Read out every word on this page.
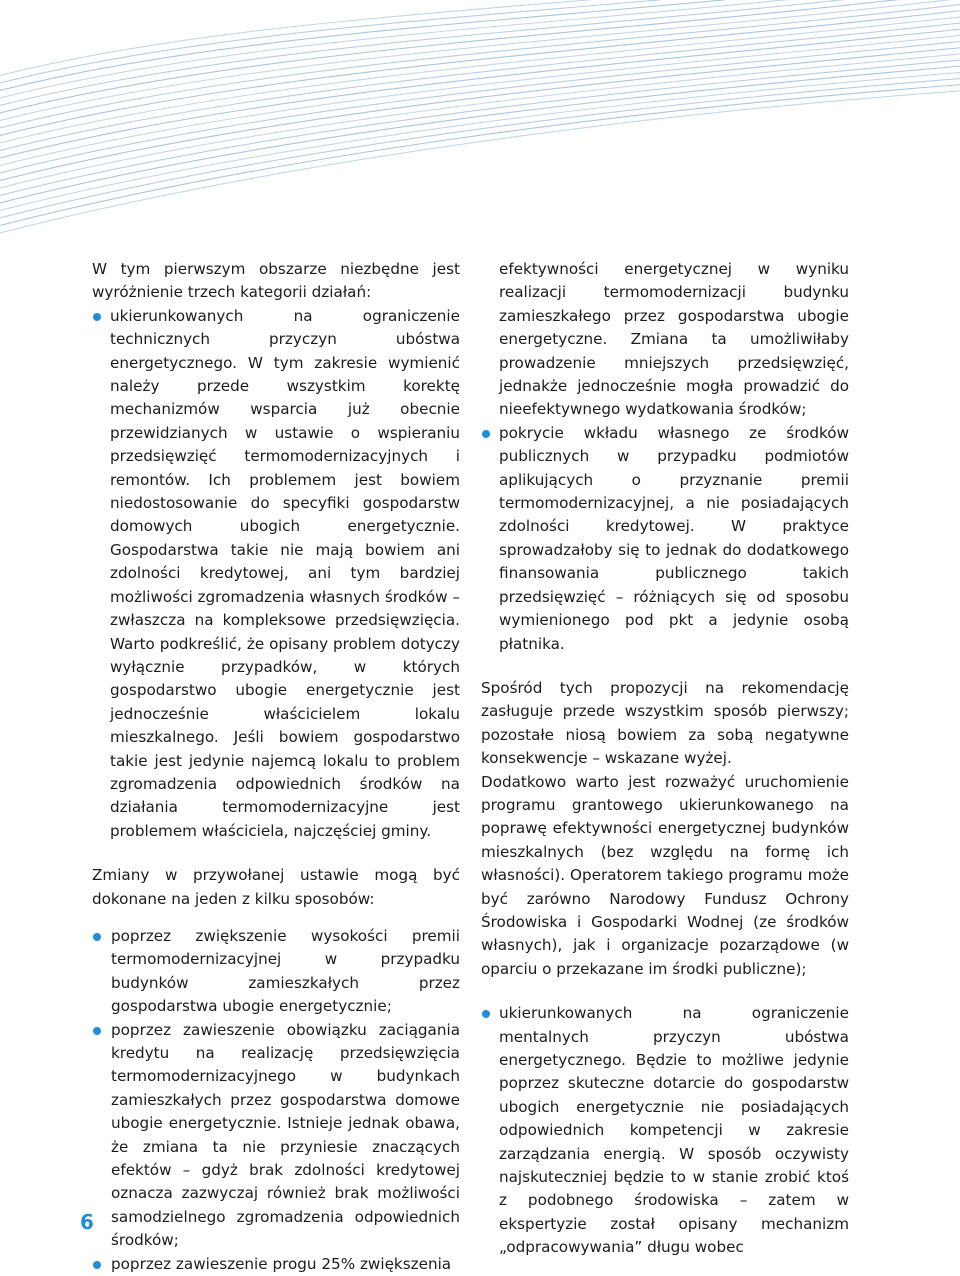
W tym pierwszym obszarze niezbędne jest wyróżnienie trzech kategorii działań:

ukierunkowanych na ograniczenie technicznych przyczyn ubóstwa energetycznego. W tym zakresie wymienić należy przede wszystkim korektę mechanizmów wsparcia już obecnie przewidzianych w ustawie o wspieraniu przedsięwzięć termomodernizacyjnych i remontów. Ich problemem jest bowiem niedostosowanie do specyfiki gospodarstw domowych ubogich energetycznie. Gospodarstwa takie nie mają bowiem ani zdolności kredytowej, ani tym bardziej możliwości zgromadzenia własnych środków – zwłaszcza na kompleksowe przedsięwzięcia. Warto podkreślić, że opisany problem dotyczy wyłącznie przypadków, w których gospodarstwo ubogie energetycznie jest jednocześnie właścicielem lokalu mieszkalnego. Jeśli bowiem gospodarstwo takie jest jedynie najemcą lokalu to problem zgromadzenia odpowiednich środków na działania termomodernizacyjne jest problemem właściciela, najczęściej gminy.

Zmiany w przywołanej ustawie mogą być dokonane na jeden z kilku sposobów:

poprzez zwiększenie wysokości premii termomodernizacyjnej w przypadku budynków zamieszkałych przez gospodarstwa ubogie energetycznie;
poprzez zawieszenie obowiązku zaciągania kredytu na realizację przedsięwzięcia termomodernizacyjnego w budynkach zamieszkałych przez gospodarstwa domowe ubogie energetycznie. Istnieje jednak obawa, że zmiana ta nie przyniesie znaczących efektów – gdyż brak zdolności kredytowej oznacza zazwyczaj również brak możliwości samodzielnego zgromadzenia odpowiednich środków;
poprzez zawieszenie progu 25% zwiększenia

efektywności energetycznej w wyniku realizacji termomodernizacji budynku zamieszkałego przez gospodarstwa ubogie energetyczne. Zmiana ta umożliwiłaby prowadzenie mniejszych przedsięwzięć, jednakże jednocześnie mogła prowadzić do nieefektywnego wydatkowania środków;

pokrycie wkładu własnego ze środków publicznych w przypadku podmiotów aplikujących o przyznanie premii termomodernizacyjnej, a nie posiadających zdolności kredytowej. W praktyce sprowadzałoby się to jednak do dodatkowego finansowania publicznego takich przedsięwzięć – różniących się od sposobu wymienionego pod pkt a jedynie osobą płatnika.

Spośród tych propozycji na rekomendację zasługuje przede wszystkim sposób pierwszy; pozostałe niosą bowiem za sobą negatywne konsekwencje – wskazane wyżej.

Dodatkowo warto jest rozważyć uruchomienie programu grantowego ukierunkowanego na poprawę efektywności energetycznej budynków mieszkalnych (bez względu na formę ich własności). Operatorem takiego programu może być zarówno Narodowy Fundusz Ochrony Środowiska i Gospodarki Wodnej (ze środków własnych), jak i organizacje pozarządowe (w oparciu o przekazane im środki publiczne);

ukierunkowanych na ograniczenie mentalnych przyczyn ubóstwa energetycznego. Będzie to możliwe jedynie poprzez skuteczne dotarcie do gospodarstw ubogich energetycznie nie posiadających odpowiednich kompetencji w zakresie zarządzania energią. W sposób oczywisty najskuteczniej będzie to w stanie zrobić ktoś z podobnego środowiska – zatem w ekspertyzie został opisany mechanizm „odpracowywania” długu wobec
6
